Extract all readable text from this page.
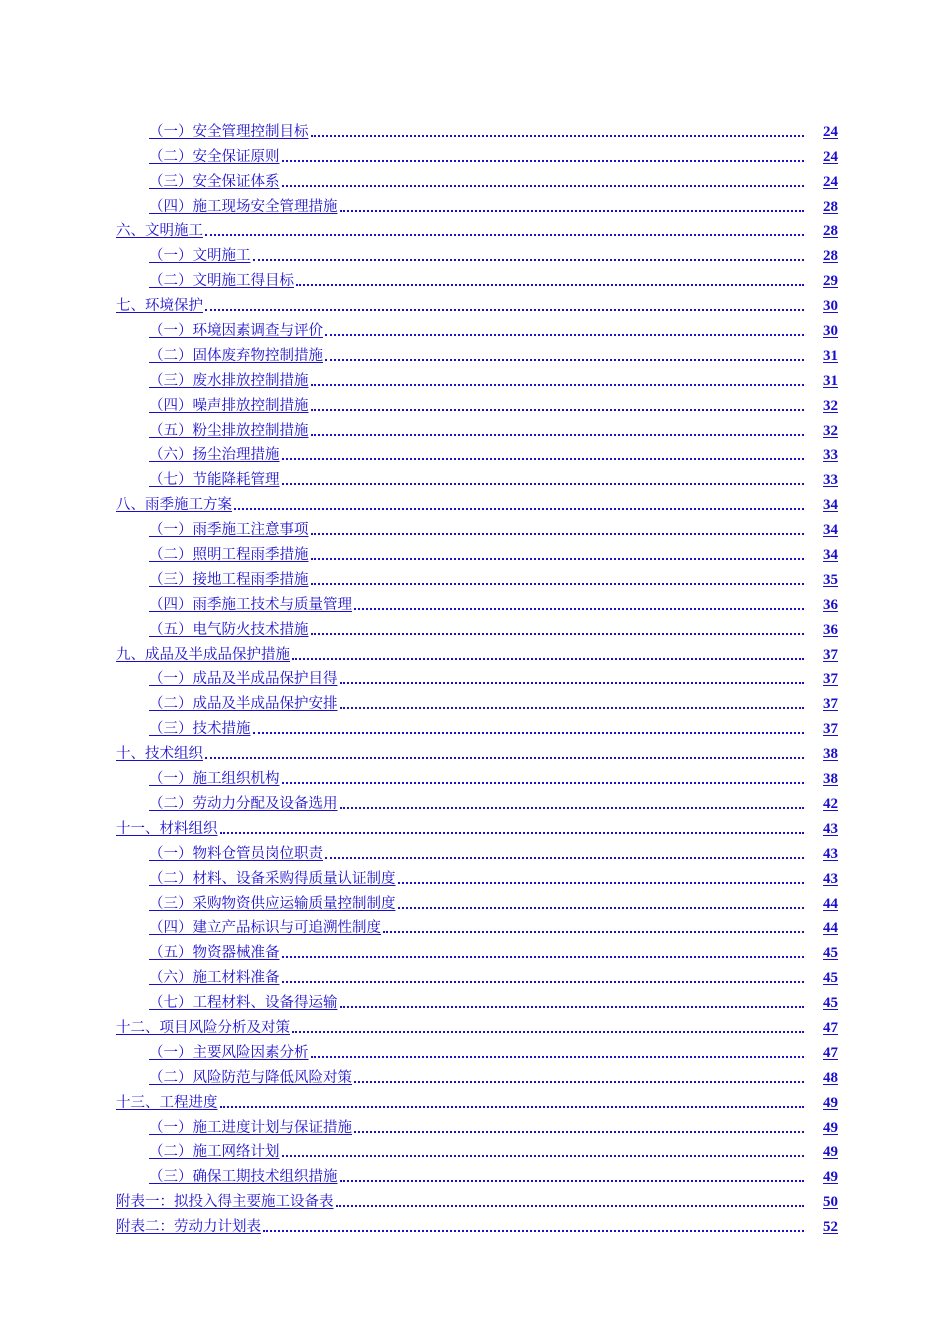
（一）安全管理控制目标	24
（二）安全保证原则	24
（三）安全保证体系	24
（四）施工现场安全管理措施	28
六、文明施工	28
（一）文明施工	28
（二）文明施工得目标	29
七、环境保护	30
（一）环境因素调查与评价	30
（二）固体废弃物控制措施	31
（三）废水排放控制措施	31
（四）噪声排放控制措施	32
（五）粉尘排放控制措施	32
（六）扬尘治理措施	33
（七）节能降耗管理	33
八、雨季施工方案	34
（一）雨季施工注意事项	34
（二）照明工程雨季措施	34
（三）接地工程雨季措施	35
（四）雨季施工技术与质量管理	36
（五）电气防火技术措施	36
九、成品及半成品保护措施	37
（一）成品及半成品保护目得	37
（二）成品及半成品保护安排	37
（三）技术措施	37
十、技术组织	38
（一）施工组织机构	38
（二）劳动力分配及设备选用	42
十一、材料组织	43
（一）物料仓管员岗位职责	43
（二）材料、设备采购得质量认证制度	43
（三）采购物资供应运输质量控制制度	44
（四）建立产品标识与可追溯性制度	44
（五）物资器械准备	45
（六）施工材料准备	45
（七）工程材料、设备得运输	45
十二、项目风险分析及对策	47
（一）主要风险因素分析	47
（二）风险防范与降低风险对策	48
十三、工程进度	49
（一）施工进度计划与保证措施	49
（二）施工网络计划	49
（三）确保工期技术组织措施	49
附表一：拟投入得主要施工设备表	50
附表二：劳动力计划表	52
